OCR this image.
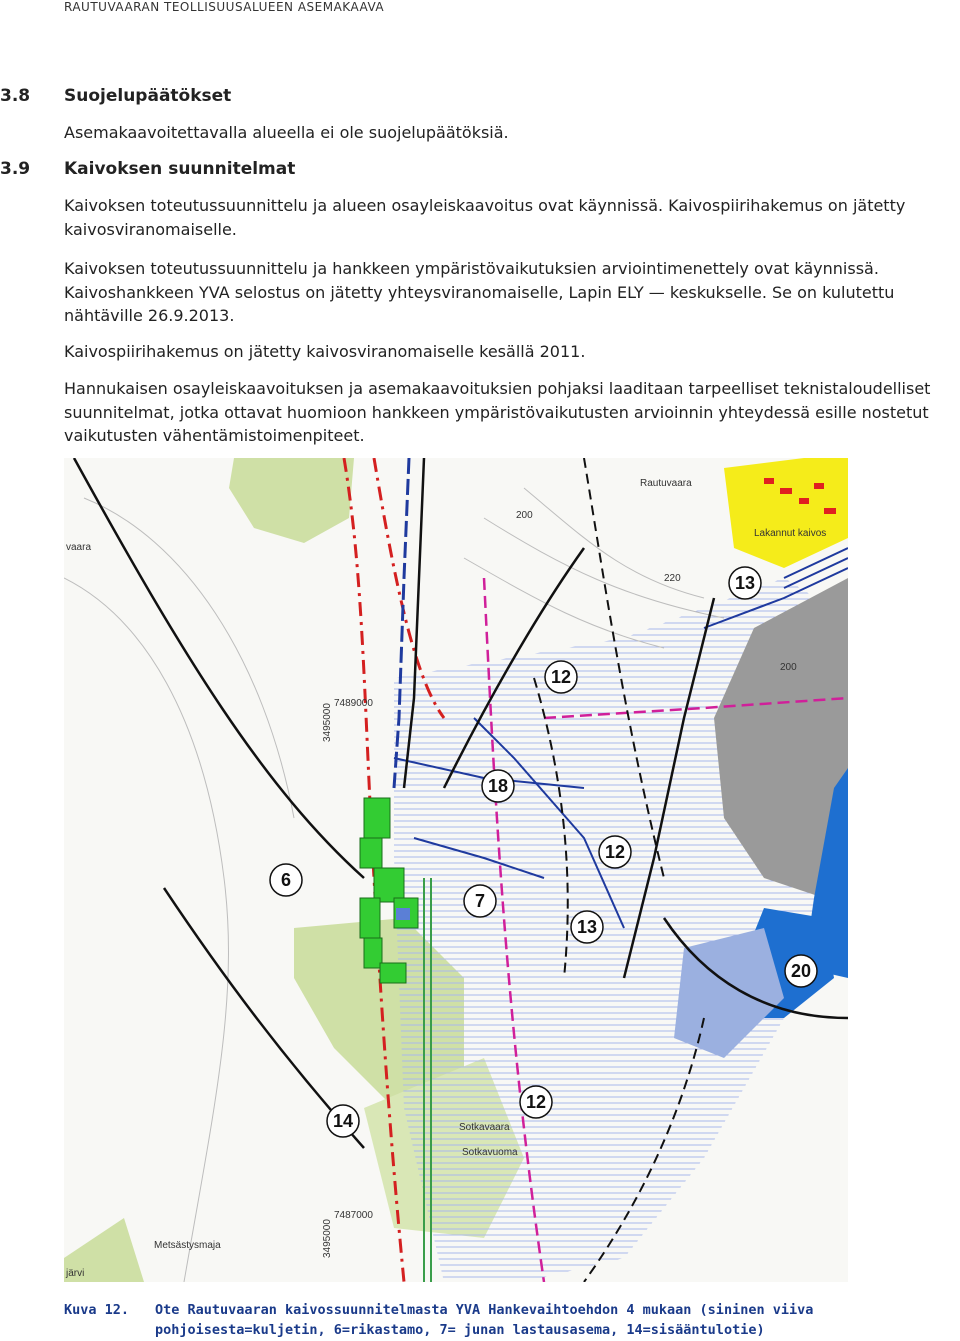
RAUTUVAARAN TEOLLISUUSALUEEN ASEMAKAAVA
3.8 Suojelupäätökset
Asemakaavoitettavalla alueella ei ole suojelupäätöksiä.
3.9 Kaivoksen suunnitelmat
Kaivoksen toteutussuunnittelu ja alueen osayleiskaavoitus ovat käynnissä. Kaivospiirihakemus on jätetty kaivosviranomaiselle.
Kaivoksen toteutussuunnittelu ja hankkeen ympäristövaikutuksien arviointimenettely ovat käynnissä. Kaivoshankkeen YVA selostus on jätetty yhteysviranomaiselle, Lapin ELY — keskukselle. Se on kulutettu nähtäville 26.9.2013.
Kaivospiirihakemus on jätetty kaivosviranomaiselle kesällä 2011.
Hannukaisen osayleiskaavoituksen ja asemakaavoituksien pohjaksi laaditaan tarpeelliset teknistaloudelliset suunnitelmat, jotka ottavat huomioon hankkeen ympäristövaikutusten arvioinnin yhteydessä esille nostetut vaikutusten vähentämistoimenpiteet.
Rautuvaara
Lakannut kaivos
vaara
Sotkavaara
Sotkavuoma
Metsästysmaja
järvi
7489000
3495000
7487000
3495000
220
200
200
13
12
18
12
6
7
13
20
14
12
Kuva 12. Ote Rautuvaaran kaivossuunnitelmasta YVA Hankevaihtoehdon 4 mukaan (sininen viiva pohjoisesta=kuljetin, 6=rikastamo, 7= junan lastausasema, 14=sisääntulotie)
